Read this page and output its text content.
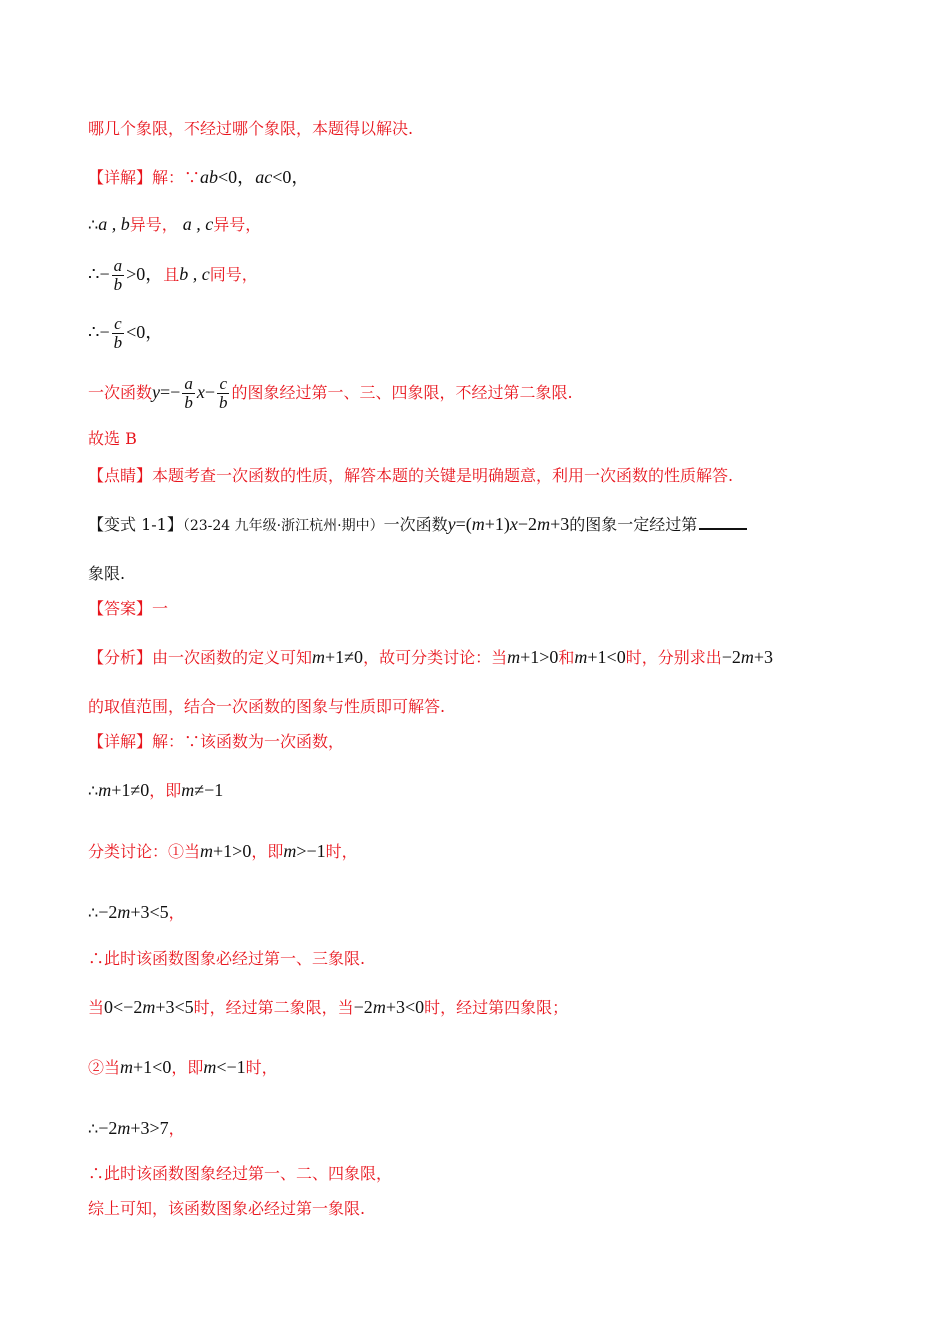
哪几个象限，不经过哪个象限，本题得以解决.
【详解】解：∵ab<0，ac<0，
∴a , b异号， a , c异号，
∴− $\frac{a}{b} >0$，且b , c同号，
∴− $\frac{c}{b} <0$，
一次函数$y=- \frac{a}{b} x- \frac{c}{b}$ 的图象经过第一、三、四象限，不经过第二象限.
故选 B
【点睛】本题考查一次函数的性质，解答本题的关键是明确题意，利用一次函数的性质解答.
【变式 1-1】（23-24 九年级·浙江杭州·期中）一次函数y=(m+1)x−2m+3的图象一定经过第
象限.
【答案】一
【分析】由一次函数的定义可知m+1≠0，故可分类讨论：当m+1>0和m+1<0时，分别求出−2m+3
的取值范围，结合一次函数的图象与性质即可解答.
【详解】解：∵该函数为一次函数，
∴m+1≠0，即m≠−1
分类讨论：①当m+1>0，即m>−1时，
∴−2m+3<5，
∴此时该函数图象必经过第一、三象限.
当0<−2m+3<5时，经过第二象限，当−2m+3<0时，经过第四象限；
②当m+1<0，即m<−1时，
∴−2m+3>7，
∴此时该函数图象经过第一、二、四象限，
综上可知，该函数图象必经过第一象限.
